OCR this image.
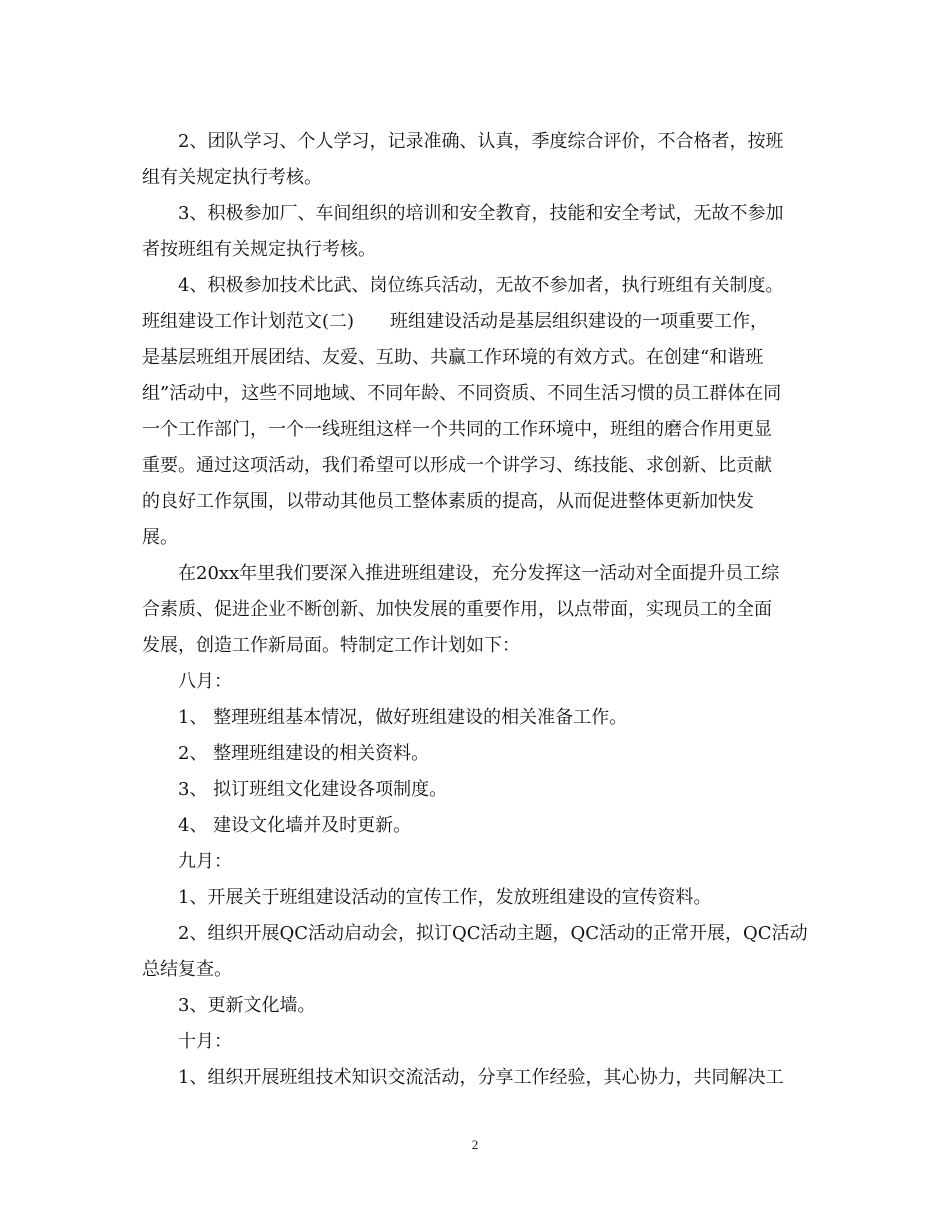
2、团队学习、个人学习，记录准确、认真，季度综合评价，不合格者，按班
组有关规定执行考核。
3、积极参加厂、车间组织的培训和安全教育，技能和安全考试，无故不参加
者按班组有关规定执行考核。
4、积极参加技术比武、岗位练兵活动，无故不参加者，执行班组有关制度。
班组建设工作计划范文(二)　　班组建设活动是基层组织建设的一项重要工作，
是基层班组开展团结、友爱、互助、共赢工作环境的有效方式。在创建“和谐班
组”活动中，这些不同地域、不同年龄、不同资质、不同生活习惯的员工群体在同
一个工作部门，一个一线班组这样一个共同的工作环境中，班组的磨合作用更显
重要。通过这项活动，我们希望可以形成一个讲学习、练技能、求创新、比贡献
的良好工作氛围，以带动其他员工整体素质的提高，从而促进整体更新加快发
展。
在20xx年里我们要深入推进班组建设，充分发挥这一活动对全面提升员工综
合素质、促进企业不断创新、加快发展的重要作用，以点带面，实现员工的全面
发展，创造工作新局面。特制定工作计划如下：
八月：
1、 整理班组基本情况，做好班组建设的相关准备工作。
2、 整理班组建设的相关资料。
3、 拟订班组文化建设各项制度。
4、 建设文化墙并及时更新。
九月：
1、开展关于班组建设活动的宣传工作，发放班组建设的宣传资料。
2、组织开展QC活动启动会，拟订QC活动主题，QC活动的正常开展，QC活动
总结复查。
3、更新文化墙。
十月：
1、组织开展班组技术知识交流活动，分享工作经验，其心协力，共同解决工
2
